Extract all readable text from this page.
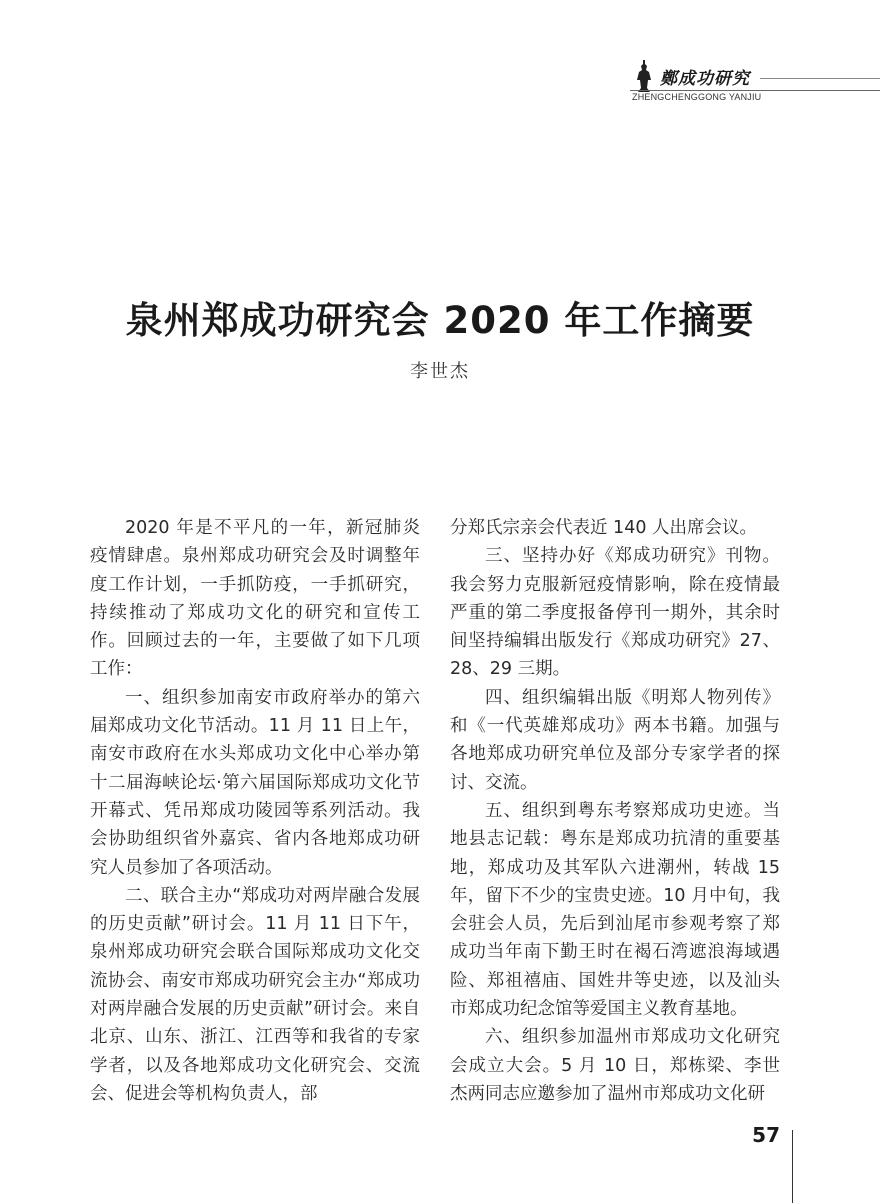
鄭成功研究
ZHENGCHENGGONG YANJIU
泉州郑成功研究会 2020 年工作摘要
李世杰

2020 年是不平凡的一年，新冠肺炎疫情肆虐。泉州郑成功研究会及时调整年度工作计划，一手抓防疫，一手抓研究，持续推动了郑成功文化的研究和宣传工作。回顾过去的一年，主要做了如下几项工作：

一、组织参加南安市政府举办的第六届郑成功文化节活动。11 月 11 日上午，南安市政府在水头郑成功文化中心举办第十二届海峡论坛·第六届国际郑成功文化节开幕式、凭吊郑成功陵园等系列活动。我会协助组织省外嘉宾、省内各地郑成功研究人员参加了各项活动。

二、联合主办“郑成功对两岸融合发展的历史贡献”研讨会。11 月 11 日下午，泉州郑成功研究会联合国际郑成功文化交流协会、南安市郑成功研究会主办“郑成功对两岸融合发展的历史贡献”研讨会。来自北京、山东、浙江、江西等和我省的专家学者，以及各地郑成功文化研究会、交流会、促进会等机构负责人，部

分郑氏宗亲会代表近 140 人出席会议。

三、坚持办好《郑成功研究》刊物。我会努力克服新冠疫情影响，除在疫情最严重的第二季度报备停刊一期外，其余时间坚持编辑出版发行《郑成功研究》27、28、29 三期。

四、组织编辑出版《明郑人物列传》和《一代英雄郑成功》两本书籍。加强与各地郑成功研究单位及部分专家学者的探讨、交流。

五、组织到粤东考察郑成功史迹。当地县志记载：粤东是郑成功抗清的重要基地，郑成功及其军队六进潮州，转战 15 年，留下不少的宝贵史迹。10 月中旬，我会驻会人员，先后到汕尾市参观考察了郑成功当年南下勤王时在褐石湾遮浪海域遇险、郑祖禧庙、国姓井等史迹，以及汕头市郑成功纪念馆等爱国主义教育基地。

六、组织参加温州市郑成功文化研究会成立大会。5 月 10 日，郑栋梁、李世杰两同志应邀参加了温州市郑成功文化研

57
